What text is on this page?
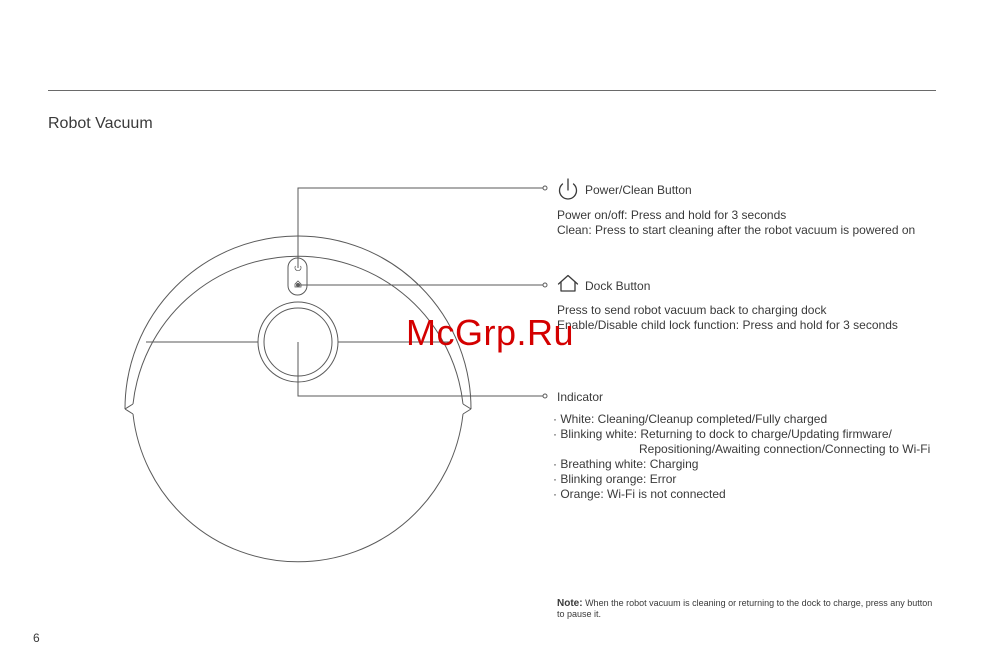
Robot Vacuum
Power/Clean Button
Power on/off: Press and hold for 3 seconds
Clean: Press to start cleaning after the robot vacuum is powered on
Dock Button
Press to send robot vacuum back to charging dock
Enable/Disable child lock function: Press and hold for 3 seconds
Indicator
· White: Cleaning/Cleanup completed/Fully charged
· Blinking white: Returning to dock to charge/Updating firmware/
Repositioning/Awaiting connection/Connecting to Wi-Fi
· Breathing white: Charging
· Blinking orange: Error
· Orange: Wi-Fi is not connected
Note: When the robot vacuum is cleaning or returning to the dock to charge, press any button to pause it.
McGrp.Ru
6
